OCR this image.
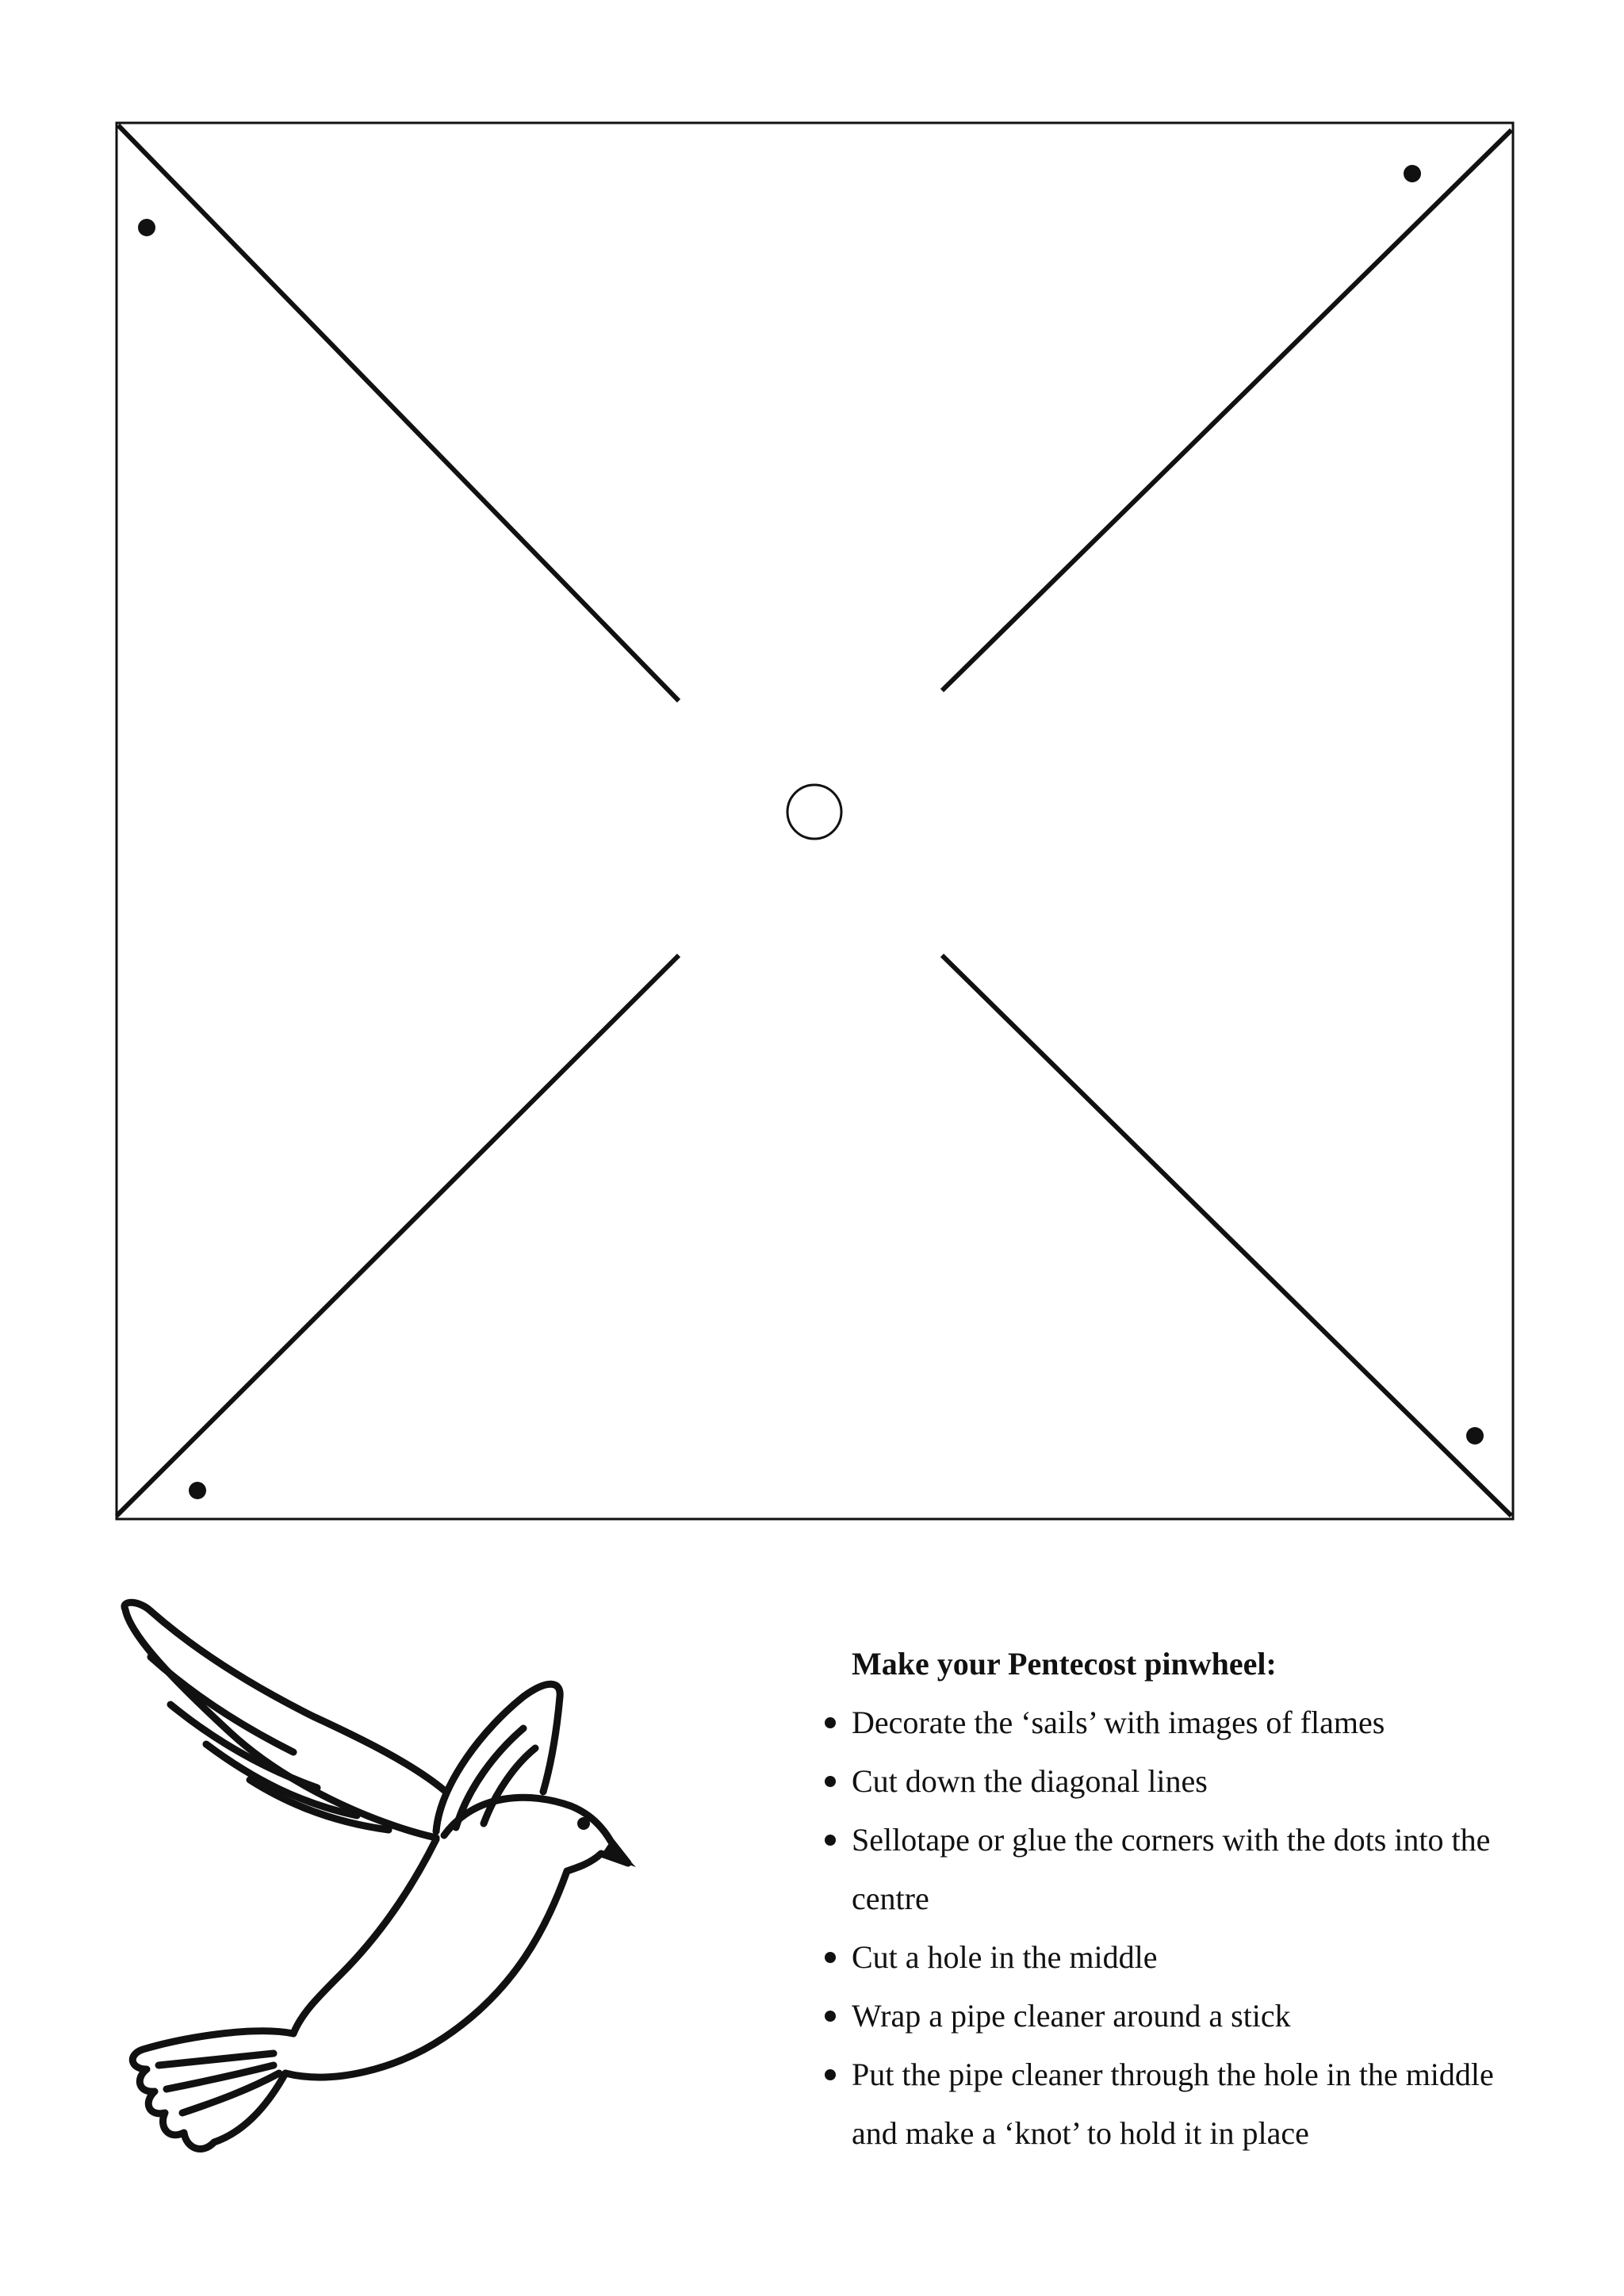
Make your Pentecost pinwheel:

Decorate the ‘sails’ with images of flames
Cut down the diagonal lines
Sellotape or glue the corners with the dots into the centre
Cut a hole in the middle
Wrap a pipe cleaner around a stick
Put the pipe cleaner through the hole in the middle and make a ‘knot’ to hold it in place
